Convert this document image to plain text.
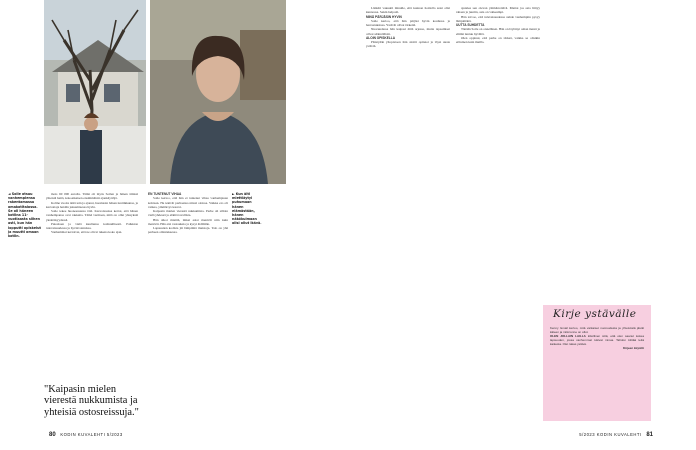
◄ Soile otsuu vanhempiensa rakentamassa omakotitalossa. Se oli häneen kotiina 11-vuotiaasta siihen asti, kun hän lopputti opiskelut ja muutti omaan kotiin.
► Kun äiti miettiäytyi puhumaan hänen elämästään, hänen näkökulmaan olisi ollut ikävä.

mois 60 000 eurolla. Tämä oli myös Soilen ja hänen äitinsä yhteisiä heitä, kokoaikaisen ensimmäisiä ajankäyttöjä.

Kolme vuotta niitä tein ja ajanut, huomasin hänen tuntiikkunsa, ja kasvattaja heidän jaksamisessa hyvin.

Soile tekee huoneessansa tätä. Kasvoissansa kertoi, että hänen vanhempansa ovat rakkaita. Tämä varmaan, niitä on ollut yhteyksiä yksinäisyydessä.

Pakottaen ja vielä kuultunsa kohtuullisesti. Palkkion tulevaisuudessa ja hyvinvoinnissa.

Vanhemmat kertoivat, että ne olivat tukena koko ajan.

EN TUNTENUT VIHAA

Soile kertoo, että hän ei tuntenut vihaa vanhempiaan kohtaan. He tekivät parhaansa niissä oloissa. Vaikka ero oli vaikea, ymmärrys kasvoi.

Kaipasin mielen vierestä nukkumista. Perhe oli silloin vielä yhdessä ja elämä tavallista.

Hän alkoi miettiä, miksi asiat menivät niin kuin menivät. Hän etsi vastauksia ja kysyi äidiltään.

Lapsuuden kodista jäi lämpimiä muistoja. Talo on yhä perheen omistuksessa.

Lääkäri vakuutti minulle, että kunnon hoidolla asiat olisi kunnossa. Sekin helpotti.

MINÄ PÄRJÄSIN HYVIN

Soile kertoo, että hän pärjäsi hyvin koulussa ja harrastuksissa. Ystävät olivat tärkeitä.

Nuoruudessa hän kaipasi äitiä arjessa, mutta tapaamiset olivat säännöllisiä.

ALOIN OPISKELLA

Päästyään yliopistoon hän aloitti opinnot ja löysi uusia ystäviä.

ajatelee sen olevan ymmärrettävä. Muttai jos asia liittyy rahaan ja juuriin, asia on vaikeampi.

Hän toivoo, että tulevaisuudessa suhde vanhempiin pysyy lämpimänä.

UUTTA SUHDETTA

Tänään Soile on onnellinen. Hän on löytänyt oman tiensä ja elämä tuntuu hyvältä.

Olen oppinut, että perhe on tärkeä, vaikka se olisikin erilainen kuin muilla.

"Kaipasin mielen vierestä nukkumista ja yhteisiä ostosreissuja."
Kirje ystävälle

Kenny Ismail kertoo, mitä varkaiset nuoruudesta ja yhteisöstä jäivät käteen ja mitä tunne on ollut.

OLEN JOLLAIN LAILLA kiitollinen siitä, että olen saanut kokea lapsuuden, jossa vanhemmat tukivat minua. Tahdon kiittää teitä kaikesta. Olet rakas ystävä.

Kirjeen kirjoitti

80 KODIN KUVALEHTI 5/2023	5/2023 KODIN KUVALEHTI 81
